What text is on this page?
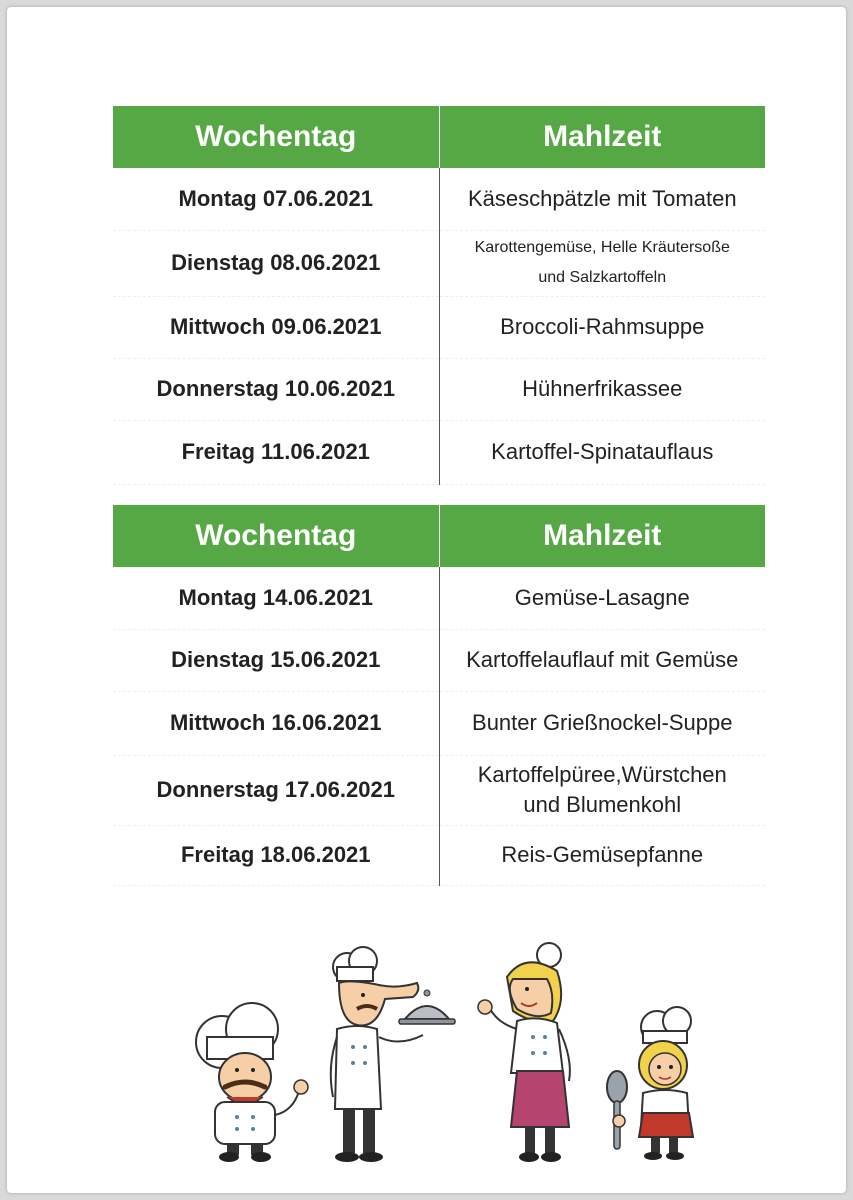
Wochentag	Mahlzeit
Montag 07.06.2021	Käseschpätzle mit Tomaten
Dienstag 08.06.2021	Karottengemüse, Helle Kräutersoße
und Salzkartoffeln
Mittwoch 09.06.2021	Broccoli-Rahmsuppe
Donnerstag 10.06.2021	Hühnerfrikassee
Freitag 11.06.2021	Kartoffel-Spinatauflaus
Wochentag	Mahlzeit
Montag 14.06.2021	Gemüse-Lasagne
Dienstag 15.06.2021	Kartoffelauflauf mit Gemüse
Mittwoch 16.06.2021	Bunter Grießnockel-Suppe
Donnerstag 17.06.2021	Kartoffelpüree,Würstchen
und Blumenkohl
Freitag 18.06.2021	Reis-Gemüsepfanne
